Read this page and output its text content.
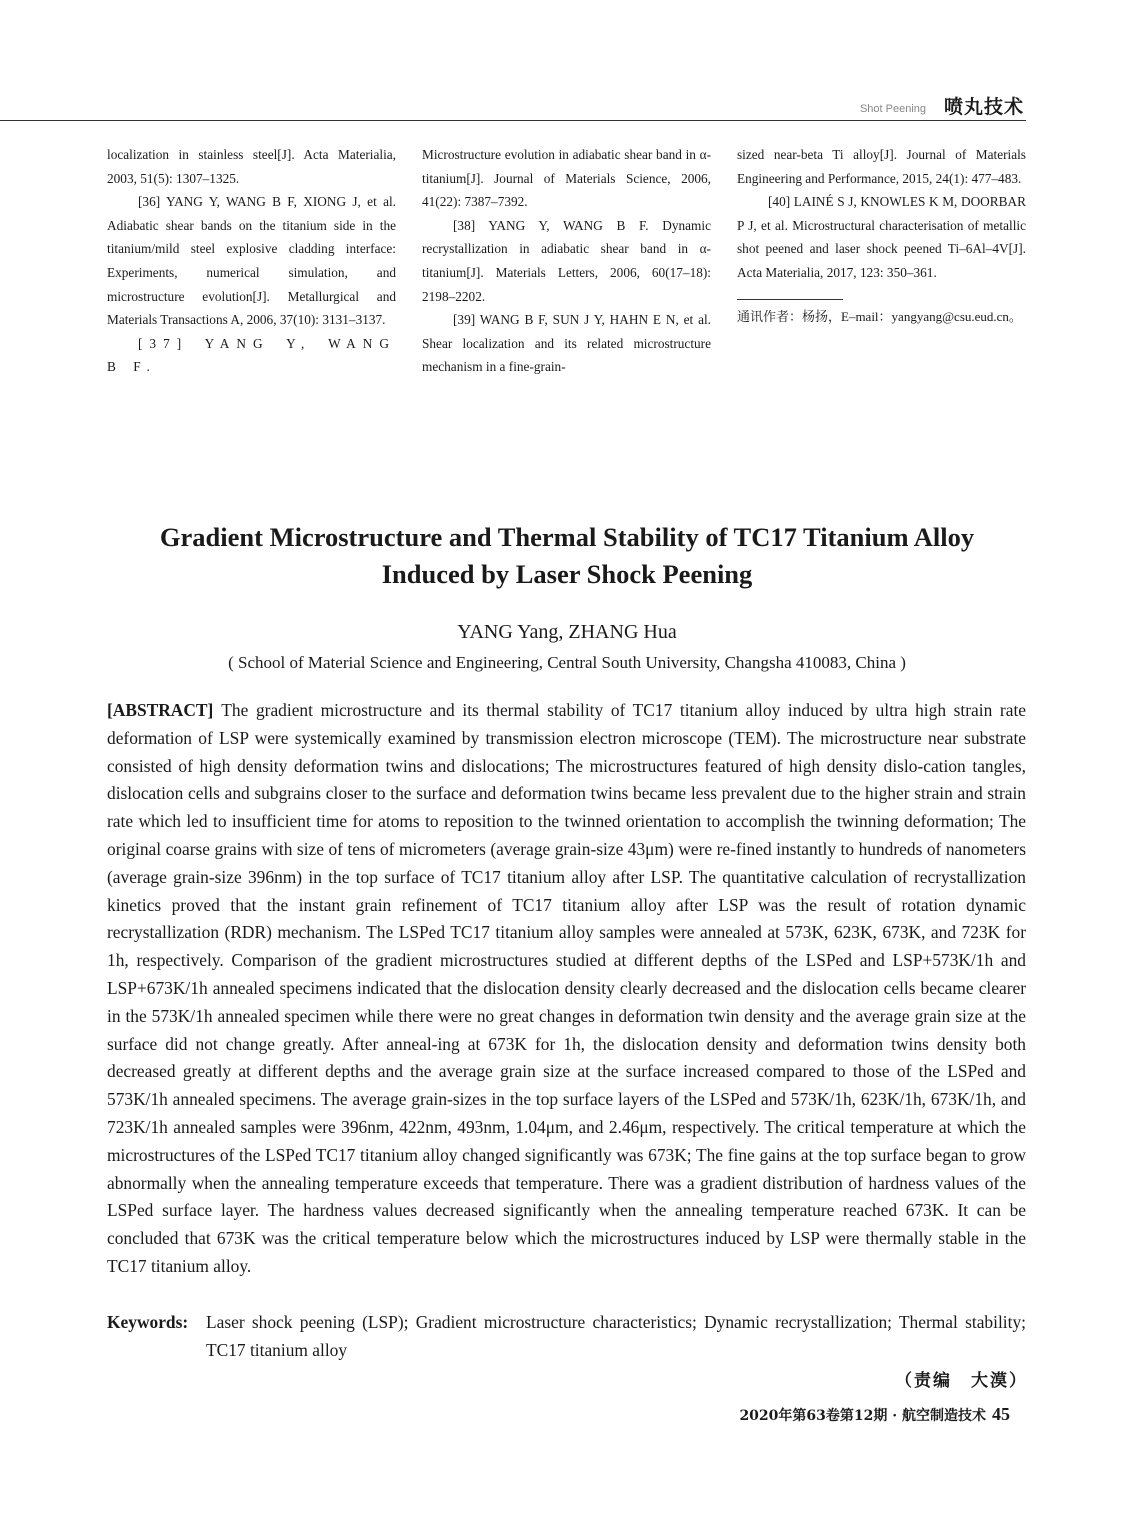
Shot Peening 喷丸技术

localization in stainless steel[J]. Acta Materialia, 2003, 51(5): 1307–1325.

[36] YANG Y, WANG B F, XIONG J, et al. Adiabatic shear bands on the titanium side in the titanium/mild steel explosive cladding interface: Experiments, numerical simulation, and microstructure evolution[J]. Metallurgical and Materials Transactions A, 2006, 37(10): 3131–3137.

[37] YANG Y, WANG B F.

Microstructure evolution in adiabatic shear band in α-titanium[J]. Journal of Materials Science, 2006, 41(22): 7387–7392.

[38] YANG Y, WANG B F. Dynamic recrystallization in adiabatic shear band in α-titanium[J]. Materials Letters, 2006, 60(17–18): 2198–2202.

[39] WANG B F, SUN J Y, HAHN E N, et al. Shear localization and its related microstructure mechanism in a fine-grain-

sized near-beta Ti alloy[J]. Journal of Materials Engineering and Performance, 2015, 24(1): 477–483.

[40] LAINÉ S J, KNOWLES K M, DOORBAR P J, et al. Microstructural characterisation of metallic shot peened and laser shock peened Ti–6Al–4V[J]. Acta Materialia, 2017, 123: 350–361.

通讯作者：杨扬，E–mail：yangyang@csu.eud.cn。

Gradient Microstructure and Thermal Stability of TC17 Titanium Alloy
Induced by Laser Shock Peening

YANG Yang, ZHANG Hua

( School of Material Science and Engineering, Central South University, Changsha 410083, China )

[ABSTRACT] The gradient microstructure and its thermal stability of TC17 titanium alloy induced by ultra high strain rate deformation of LSP were systemically examined by transmission electron microscope (TEM). The microstructure near substrate consisted of high density deformation twins and dislocations; The microstructures featured of high density dislo-cation tangles, dislocation cells and subgrains closer to the surface and deformation twins became less prevalent due to the higher strain and strain rate which led to insufficient time for atoms to reposition to the twinned orientation to accomplish the twinning deformation; The original coarse grains with size of tens of micrometers (average grain-size 43μm) were re-fined instantly to hundreds of nanometers (average grain-size 396nm) in the top surface of TC17 titanium alloy after LSP. The quantitative calculation of recrystallization kinetics proved that the instant grain refinement of TC17 titanium alloy after LSP was the result of rotation dynamic recrystallization (RDR) mechanism. The LSPed TC17 titanium alloy samples were annealed at 573K, 623K, 673K, and 723K for 1h, respectively. Comparison of the gradient microstructures studied at different depths of the LSPed and LSP+573K/1h and LSP+673K/1h annealed specimens indicated that the dislocation density clearly decreased and the dislocation cells became clearer in the 573K/1h annealed specimen while there were no great changes in deformation twin density and the average grain size at the surface did not change greatly. After anneal-ing at 673K for 1h, the dislocation density and deformation twins density both decreased greatly at different depths and the average grain size at the surface increased compared to those of the LSPed and 573K/1h annealed specimens. The average grain-sizes in the top surface layers of the LSPed and 573K/1h, 623K/1h, 673K/1h, and 723K/1h annealed samples were 396nm, 422nm, 493nm, 1.04μm, and 2.46μm, respectively. The critical temperature at which the microstructures of the LSPed TC17 titanium alloy changed significantly was 673K; The fine gains at the top surface began to grow abnormally when the annealing temperature exceeds that temperature. There was a gradient distribution of hardness values of the LSPed surface layer. The hardness values decreased significantly when the annealing temperature reached 673K. It can be concluded that 673K was the critical temperature below which the microstructures induced by LSP were thermally stable in the TC17 titanium alloy.

Keywords:	Laser shock peening (LSP); Gradient microstructure characteristics; Dynamic recrystallization; Thermal stability; TC17 titanium alloy
（责编　大漠）
2020年第63卷第12期 · 航空制造技术 45
